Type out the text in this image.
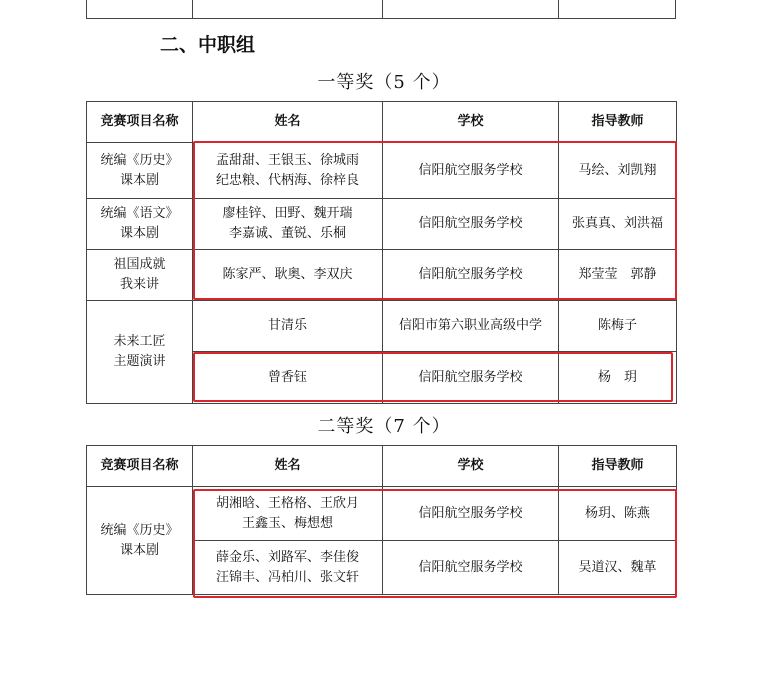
二、中职组
一等奖（5 个）
竞赛项目名称	姓名	学校	指导教师

统编《历史》
课本剧	孟甜甜、王银玉、徐城雨
纪忠粮、代柄海、徐梓良	信阳航空服务学校	马绘、刘凯翔

统编《语文》
课本剧	廖桂锌、田野、魏开瑞
李嘉诚、董锐、乐桐	信阳航空服务学校	张真真、刘洪福

祖国成就
我来讲	陈家严、耿奥、李双庆	信阳航空服务学校	郑莹莹　郭静

未来工匠
主题演讲	甘清乐	信阳市第六职业高级中学	陈梅子

	曾香钰	信阳航空服务学校	杨　玥
二等奖（7 个）
竞赛项目名称	姓名	学校	指导教师

统编《历史》
课本剧	胡湘晗、王格格、王欣月
王鑫玉、梅想想	信阳航空服务学校	杨玥、陈燕

	薛金乐、刘路军、李佳俊
汪锦丰、冯柏川、张文轩	信阳航空服务学校	吴道汉、魏革
